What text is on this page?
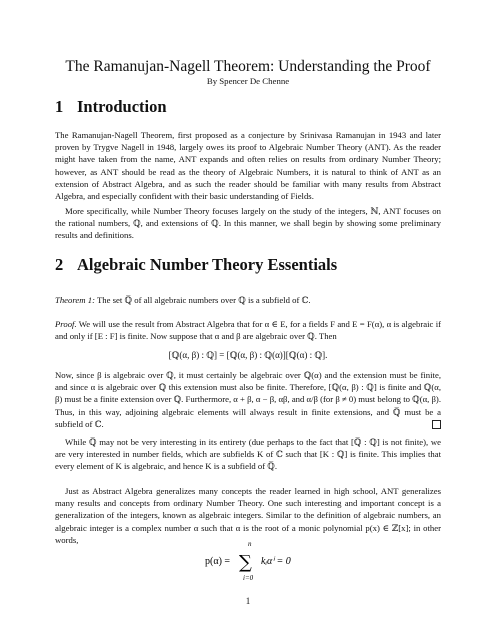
The Ramanujan-Nagell Theorem: Understanding the Proof
By Spencer De Chenne
1 Introduction

The Ramanujan-Nagell Theorem, first proposed as a conjecture by Srinivasa Ramanujan in 1943 and later proven by Trygve Nagell in 1948, largely owes its proof to Algebraic Number Theory (ANT). As the reader might have taken from the name, ANT expands and often relies on results from ordinary Number Theory; however, as ANT should be read as the theory of Algebraic Numbers, it is natural to think of ANT as an extension of Abstract Algebra, and as such the reader should be familiar with many results from Abstract Algebra, and especially confident with their basic understanding of Fields.

More specifically, while Number Theory focuses largely on the study of the integers, ℕ, ANT focuses on the rational numbers, ℚ, and extensions of ℚ. In this manner, we shall begin by showing some preliminary results and definitions.

2 Algebraic Number Theory Essentials

Theorem 1: The set ℚ̅ of all algebraic numbers over ℚ is a subfield of ℂ.

Proof. We will use the result from Abstract Algebra that for α ∈ E, for a fields F and E = F(α), α is algebraic if and only if [E : F] is finite. Now suppose that α and β are algebraic over ℚ. Then

[ℚ(α, β) : ℚ] = [ℚ(α, β) : ℚ(α)][ℚ(α) : ℚ].

Now, since β is algebraic over ℚ, it must certainly be algebraic over ℚ(α) and the extension must be finite, and since α is algebraic over ℚ this extension must also be finite. Therefore, [ℚ(α, β) : ℚ] is finite and ℚ(α, β) must be a finite extension over ℚ. Furthermore, α + β, α − β, αβ, and α/β (for β ≠ 0) must belong to ℚ(α, β). Thus, in this way, adjoining algebraic elements will always result in finite extensions, and ℚ̅ must be a subfield of ℂ.

While ℚ̅ may not be very interesting in its entirety (due perhaps to the fact that [ℚ̅ : ℚ] is not finite), we are very interested in number fields, which are subfields K of ℂ such that [K : ℚ] is finite. This implies that every element of K is algebraic, and hence K is a subfield of ℚ̅.

Just as Abstract Algebra generalizes many concepts the reader learned in high school, ANT generalizes many results and concepts from ordinary Number Theory. One such interesting and important concept is a generalization of the integers, known as algebraic integers. Similar to the definition of algebraic numbers, an algebraic integer is a complex number α such that α is the root of a monic polynomial p(x) ∈ ℤ[x]; in other words,

p(α) =
n
∑
i=0
kᵢαⁱ = 0
1
